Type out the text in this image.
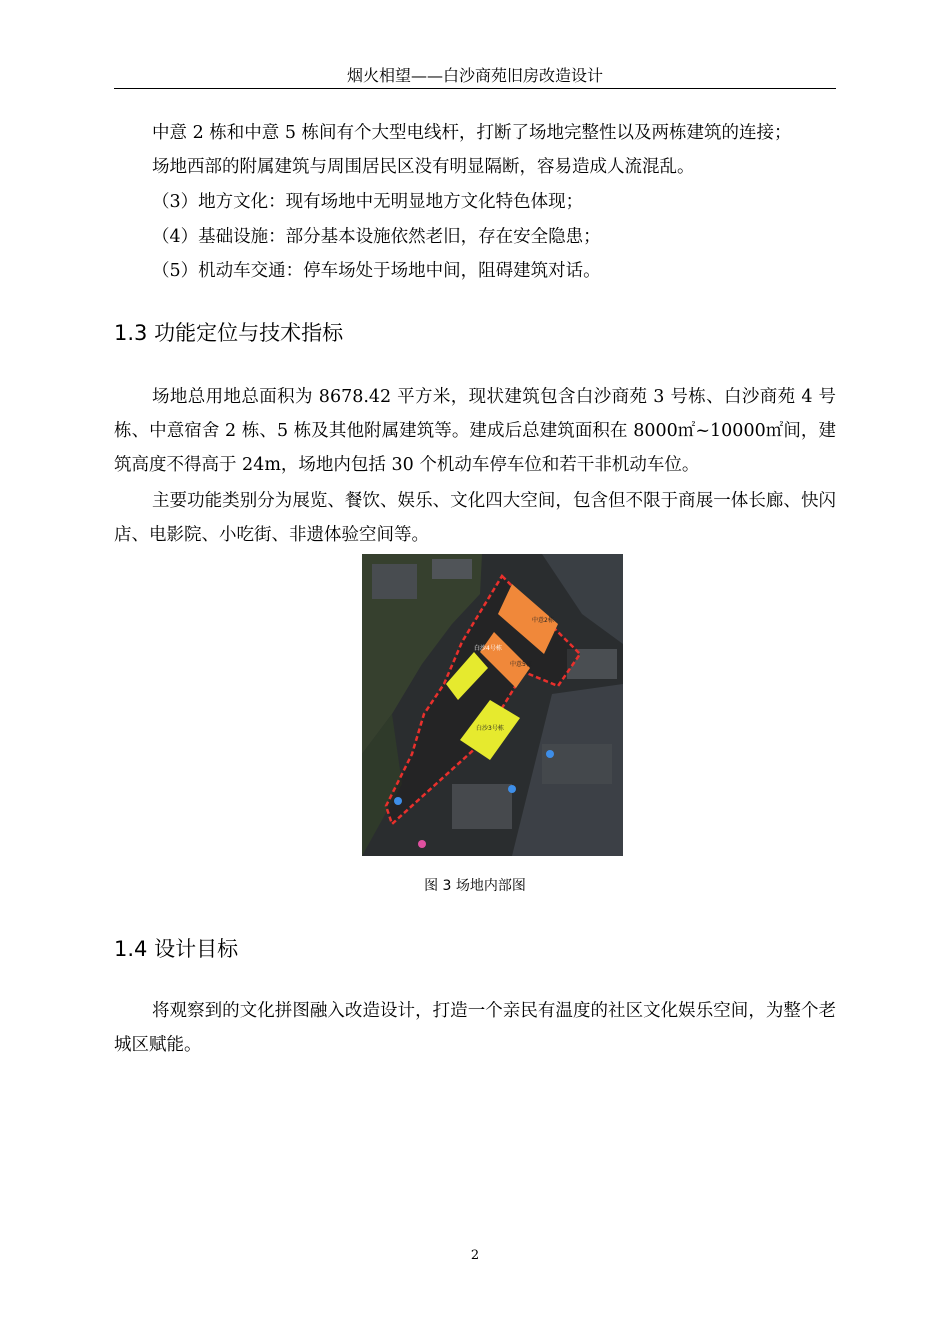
烟火相望——白沙商苑旧房改造设计

中意 2 栋和中意 5 栋间有个大型电线杆，打断了场地完整性以及两栋建筑的连接；

场地西部的附属建筑与周围居民区没有明显隔断，容易造成人流混乱。

（3）地方文化：现有场地中无明显地方文化特色体现；

（4）基础设施：部分基本设施依然老旧，存在安全隐患；

（5）机动车交通：停车场处于场地中间，阻碍建筑对话。

1.3 功能定位与技术指标

场地总用地总面积为 8678.42 平方米，现状建筑包含白沙商苑 3 号栋、白沙商苑 4 号栋、中意宿舍 2 栋、5 栋及其他附属建筑等。建成后总建筑面积在 8000㎡~10000㎡间，建筑高度不得高于 24m，场地内包括 30 个机动车停车位和若干非机动车位。

主要功能类别分为展览、餐饮、娱乐、文化四大空间，包含但不限于商展一体长廊、快闪店、电影院、小吃街、非遗体验空间等。

中意2栋
白沙4号栋
中意5栋
白沙3号栋
图 3 场地内部图
1.4 设计目标

将观察到的文化拼图融入改造设计，打造一个亲民有温度的社区文化娱乐空间，为整个老城区赋能。

2
